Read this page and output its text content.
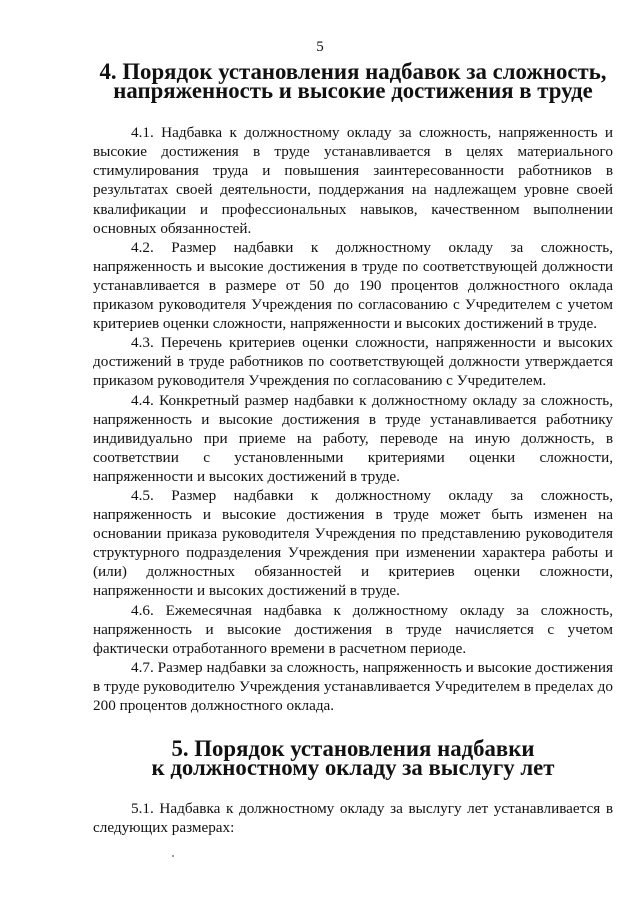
5
4. Порядок установления надбавок за сложность,
напряженность и высокие достижения в труде

4.1. Надбавка к должностному окладу за сложность, напряженность и высокие достижения в труде устанавливается в целях материального стимулирования труда и повышения заинтересованности работников в результатах своей деятельности, поддержания на надлежащем уровне своей квалификации и профессиональных навыков, качественном выполнении основных обязанностей.

4.2. Размер надбавки к должностному окладу за сложность, напряженность и высокие достижения в труде по соответствующей должности устанавливается в размере от 50 до 190 процентов должностного оклада приказом руководителя Учреждения по согласованию с Учредителем с учетом критериев оценки сложности, напряженности и высоких достижений в труде.

4.3. Перечень критериев оценки сложности, напряженности и высоких достижений в труде работников по соответствующей должности утверждается приказом руководителя Учреждения по согласованию с Учредителем.

4.4. Конкретный размер надбавки к должностному окладу за сложность, напряженность и высокие достижения в труде устанавливается работнику индивидуально при приеме на работу, переводе на иную должность, в соответствии с установленными критериями оценки сложности, напряженности и высоких достижений в труде.

4.5. Размер надбавки к должностному окладу за сложность, напряженность и высокие достижения в труде может быть изменен на основании приказа руководителя Учреждения по представлению руководителя структурного подразделения Учреждения при изменении характера работы и (или) должностных обязанностей и критериев оценки сложности, напряженности и высоких достижений в труде.

4.6. Ежемесячная надбавка к должностному окладу за сложность, напряженность и высокие достижения в труде начисляется с учетом фактически отработанного времени в расчетном периоде.

4.7. Размер надбавки за сложность, напряженность и высокие достижения в труде руководителю Учреждения устанавливается Учредителем в пределах до 200 процентов должностного оклада.

5. Порядок установления надбавки
к должностному окладу за выслугу лет

5.1. Надбавка к должностному окладу за выслугу лет устанавливается в следующих размерах:
